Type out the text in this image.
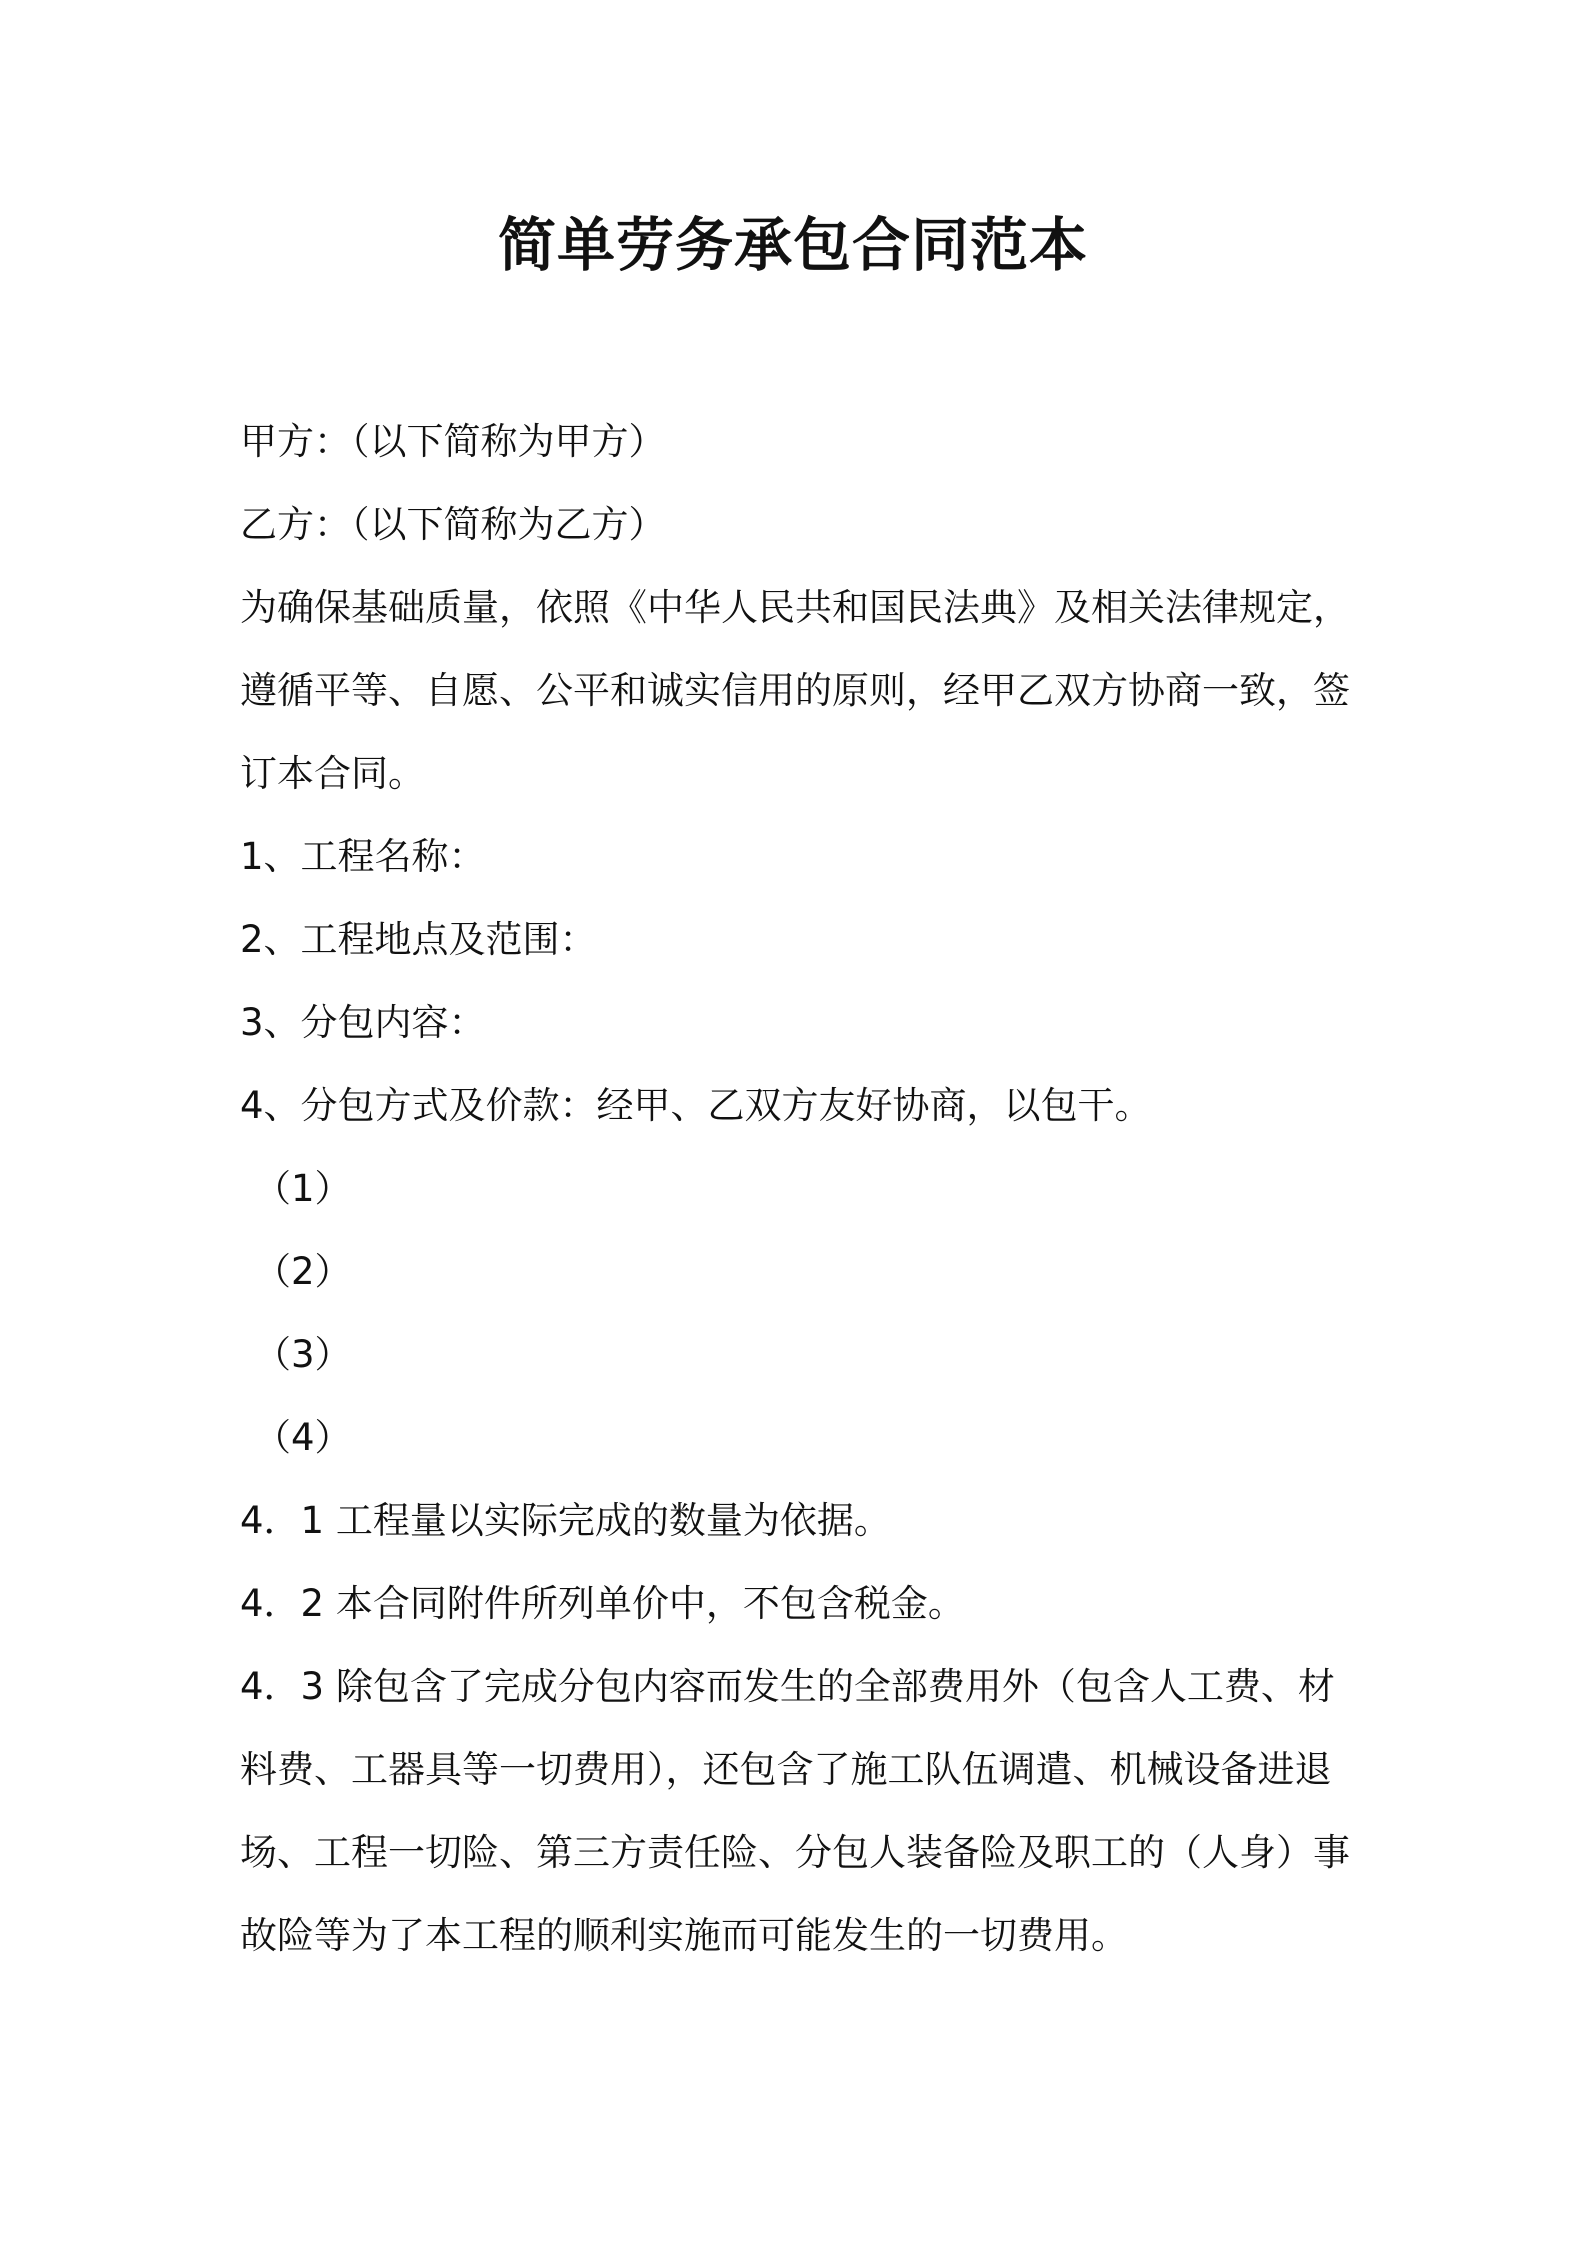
简单劳务承包合同范本

甲方：（以下简称为甲方）

乙方：（以下简称为乙方）

为确保基础质量，依照《中华人民共和国民法典》及相关法律规定，

遵循平等、自愿、公平和诚实信用的原则，经甲乙双方协商一致，签

订本合同。

1、工程名称：

2、工程地点及范围：

3、分包内容：

4、分包方式及价款：经甲、乙双方友好协商，以包干。

（1）

（2）

（3）

（4）

4．1 工程量以实际完成的数量为依据。

4．2 本合同附件所列单价中，不包含税金。

4．3 除包含了完成分包内容而发生的全部费用外（包含人工费、材

料费、工器具等一切费用），还包含了施工队伍调遣、机械设备进退

场、工程一切险、第三方责任险、分包人装备险及职工的（人身）事

故险等为了本工程的顺利实施而可能发生的一切费用。
